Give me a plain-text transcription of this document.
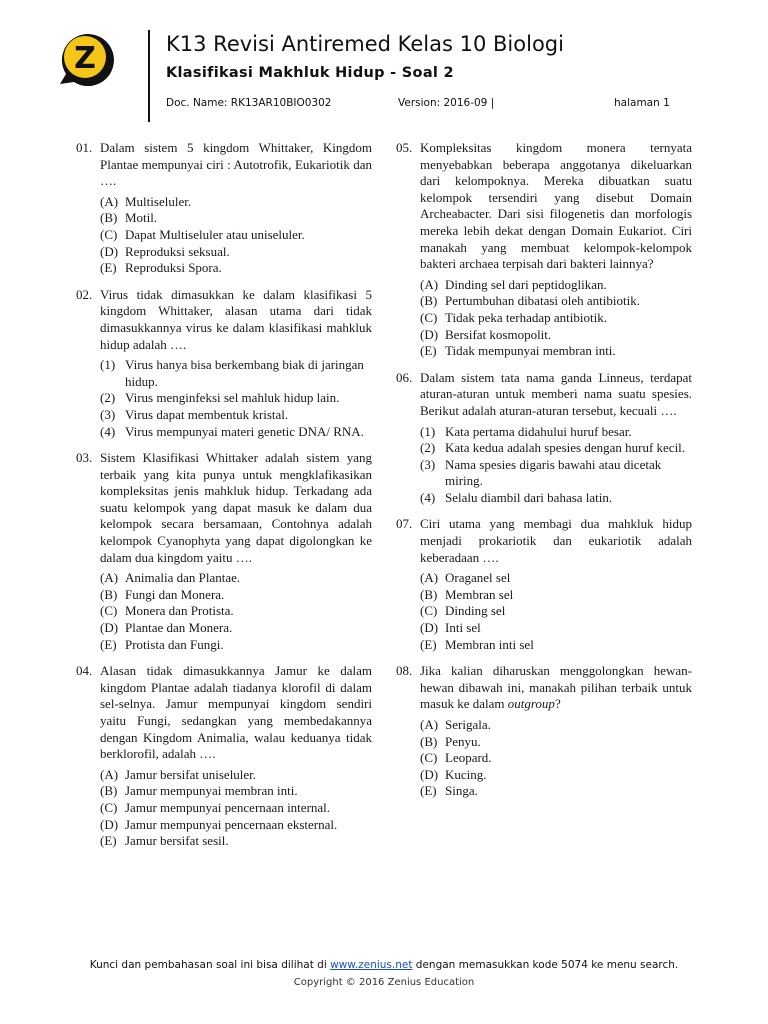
Z	K13 Revisi Antiremed Kelas 10 Biologi
Klasifikasi Makhluk Hidup - Soal 2
Doc. Name: RK13AR10BIO0302	Version: 2016-09 |	halaman 1
01. Dalam sistem 5 kingdom Whittaker, Kingdom Plantae mempunyai ciri : Autotrofik, Eukariotik dan ….

(A) Multiseluler.
(B) Motil.
(C) Dapat Multiseluler atau uniseluler.
(D) Reproduksi seksual.
(E) Reproduksi Spora.
02. Virus tidak dimasukkan ke dalam klasifikasi 5 kingdom Whittaker, alasan utama dari tidak dimasukkannya virus ke dalam klasifikasi mahkluk hidup adalah ….

(1) Virus hanya bisa berkembang biak di jaringan hidup.
(2) Virus menginfeksi sel mahluk hidup lain.
(3) Virus dapat membentuk kristal.
(4) Virus mempunyai materi genetic DNA/ RNA.
03. Sistem Klasifikasi Whittaker adalah sistem yang terbaik yang kita punya untuk mengklafikasikan kompleksitas jenis mahkluk hidup. Terkadang ada suatu kelompok yang dapat masuk ke dalam dua kelompok secara bersamaan, Contohnya adalah kelompok Cyanophyta yang dapat digolongkan ke dalam dua kingdom yaitu ….

(A) Animalia dan Plantae.
(B) Fungi dan Monera.
(C) Monera dan Protista.
(D) Plantae dan Monera.
(E) Protista dan Fungi.
04. Alasan tidak dimasukkannya Jamur ke dalam kingdom Plantae adalah tiadanya klorofil di dalam sel-selnya. Jamur mempunyai kingdom sendiri yaitu Fungi, sedangkan yang membedakannya dengan Kingdom Animalia, walau keduanya tidak berklorofil, adalah ….

(A) Jamur bersifat uniseluler.
(B) Jamur mempunyai membran inti.
(C) Jamur mempunyai pencernaan internal.
(D) Jamur mempunyai pencernaan eksternal.
(E) Jamur bersifat sesil.
05. Kompleksitas kingdom monera ternyata menyebabkan beberapa anggotanya dikeluarkan dari kelompoknya. Mereka dibuatkan suatu kelompok tersendiri yang disebut Domain Archeabacter. Dari sisi filogenetis dan morfologis mereka lebih dekat dengan Domain Eukariot. Ciri manakah yang membuat kelompok-kelompok bakteri archaea terpisah dari bakteri lainnya?

(A) Dinding sel dari peptidoglikan.
(B) Pertumbuhan dibatasi oleh antibiotik.
(C) Tidak peka terhadap antibiotik.
(D) Bersifat kosmopolit.
(E) Tidak mempunyai membran inti.
06. Dalam sistem tata nama ganda Linneus, terdapat aturan-aturan untuk memberi nama suatu spesies. Berikut adalah aturan-aturan tersebut, kecuali ….

(1) Kata pertama didahului huruf besar.
(2) Kata kedua adalah spesies dengan huruf kecil.
(3) Nama spesies digaris bawahi atau dicetak miring.
(4) Selalu diambil dari bahasa latin.
07. Ciri utama yang membagi dua mahkluk hidup menjadi prokariotik dan eukariotik adalah keberadaan ….

(A) Oraganel sel
(B) Membran sel
(C) Dinding sel
(D) Inti sel
(E) Membran inti sel
08. Jika kalian diharuskan menggolongkan hewan-hewan dibawah ini, manakah pilihan terbaik untuk masuk ke dalam outgroup?

(A) Serigala.
(B) Penyu.
(C) Leopard.
(D) Kucing.
(E) Singa.
Kunci dan pembahasan soal ini bisa dilihat di www.zenius.net dengan memasukkan kode 5074 ke menu search.
Copyright © 2016 Zenius Education
